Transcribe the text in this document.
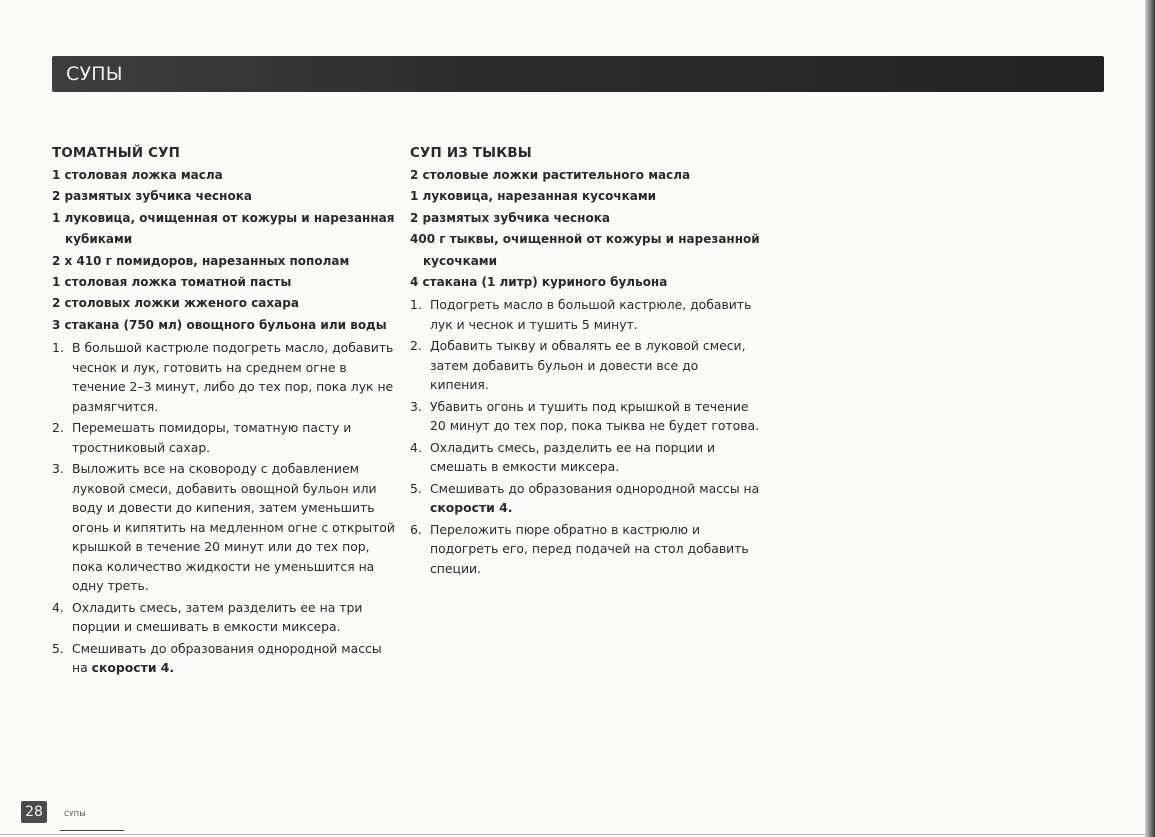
СУПЫ
ТОМАТНЫЙ СУП
1 столовая ложка масла
2 размятых зубчика чеснока
1 луковица, очищенная от кожуры и нарезанная кубиками
2 x 410 г помидоров, нарезанных пополам
1 столовая ложка томатной пасты
2 столовых ложки жженого сахара
3 стакана (750 мл) овощного бульона или воды
1. В большой кастрюле подогреть масло, добавить чеснок и лук, готовить на среднем огне в течение 2–3 минут, либо до тех пор, пока лук не размягчится.
2. Перемешать помидоры, томатную пасту и тростниковый сахар.
3. Выложить все на сковороду с добавлением луковой смеси, добавить овощной бульон или воду и довести до кипения, затем уменьшить огонь и кипятить на медленном огне с открытой крышкой в течение 20 минут или до тех пор, пока количество жидкости не уменьшится на одну треть.
4. Охладить смесь, затем разделить ее на три порции и смешивать в емкости миксера.
5. Смешивать до образования однородной массы на скорости 4.
СУП ИЗ ТЫКВЫ
2 столовые ложки растительного масла
1 луковица, нарезанная кусочками
2 размятых зубчика чеснока
400 г тыквы, очищенной от кожуры и нарезанной кусочками
4 стакана (1 литр) куриного бульона
1. Подогреть масло в большой кастрюле, добавить лук и чеснок и тушить 5 минут.
2. Добавить тыкву и обвалять ее в луковой смеси, затем добавить бульон и довести все до кипения.
3. Убавить огонь и тушить под крышкой в течение 20 минут до тех пор, пока тыква не будет готова.
4. Охладить смесь, разделить ее на порции и смешать в емкости миксера.
5. Смешивать до образования однородной массы на скорости 4.
6. Переложить пюре обратно в кастрюлю и подогреть его, перед подачей на стол добавить специи.
28	СУПЫ
